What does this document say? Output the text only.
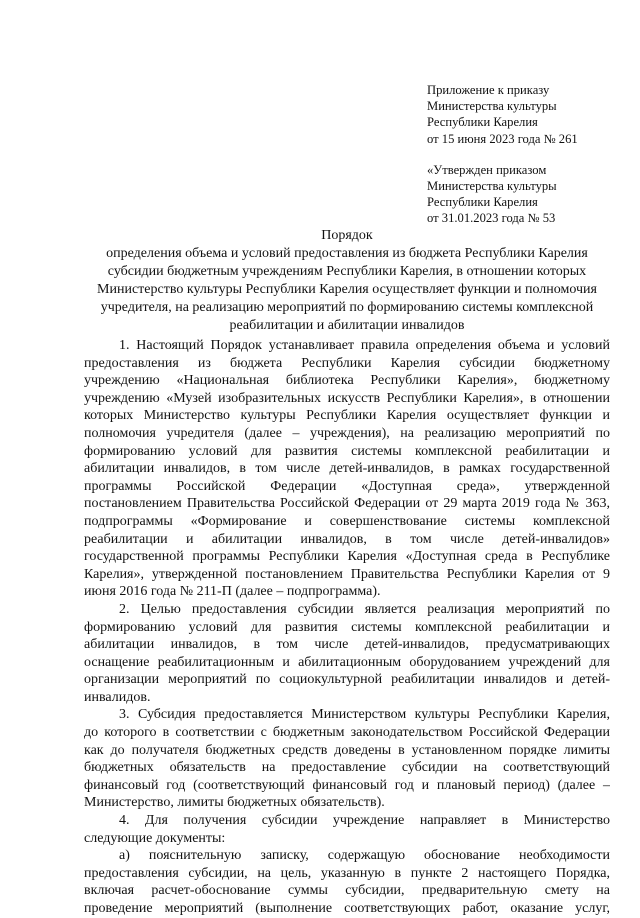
Приложение к приказу
Министерства культуры
Республики Карелия
от 15 июня 2023 года № 261
«Утвержден приказом
Министерства культуры
Республики Карелия
от 31.01.2023 года № 53
Порядок
определения объема и условий предоставления из бюджета Республики Карелия
субсидии бюджетным учреждениям Республики Карелия, в отношении которых
Министерство культуры Республики Карелия осуществляет функции и полномочия
учредителя, на реализацию мероприятий по формированию системы комплексной
реабилитации и абилитации инвалидов
1. Настоящий Порядок устанавливает правила определения объема и условий
предоставления из бюджета Республики Карелия субсидии бюджетному
учреждению «Национальная библиотека Республики Карелия», бюджетному
учреждению «Музей изобразительных искусств Республики Карелия», в отношении
которых Министерство культуры Республики Карелия осуществляет функции и
полномочия учредителя (далее – учреждения), на реализацию мероприятий по
формированию условий для развития системы комплексной реабилитации и
абилитации инвалидов, в том числе детей-инвалидов, в рамках государственной
программы Российской Федерации «Доступная среда», утвержденной
постановлением Правительства Российской Федерации от 29 марта 2019 года № 363,
подпрограммы «Формирование и совершенствование системы комплексной
реабилитации и абилитации инвалидов, в том числе детей-инвалидов»
государственной программы Республики Карелия «Доступная среда в Республике
Карелия», утвержденной постановлением Правительства Республики Карелия от 9
июня 2016 года № 211-П (далее – подпрограмма).
2. Целью предоставления субсидии является реализация мероприятий по
формированию условий для развития системы комплексной реабилитации и
абилитации инвалидов, в том числе детей-инвалидов, предусматривающих
оснащение реабилитационным и абилитационным оборудованием учреждений для
организации мероприятий по социокультурной реабилитации инвалидов и детей-
инвалидов.
3. Субсидия предоставляется Министерством культуры Республики Карелия,
до которого в соответствии с бюджетным законодательством Российской Федерации
как до получателя бюджетных средств доведены в установленном порядке лимиты
бюджетных обязательств на предоставление субсидии на соответствующий
финансовый год (соответствующий финансовый год и плановый период) (далее –
Министерство, лимиты бюджетных обязательств).
4. Для получения субсидии учреждение направляет в Министерство
следующие документы:
а) пояснительную записку, содержащую обоснование необходимости
предоставления субсидии, на цель, указанную в пункте 2 настоящего Порядка,
включая расчет-обоснование суммы субсидии, предварительную смету на
проведение мероприятий (выполнение соответствующих работ, оказание услуг,
